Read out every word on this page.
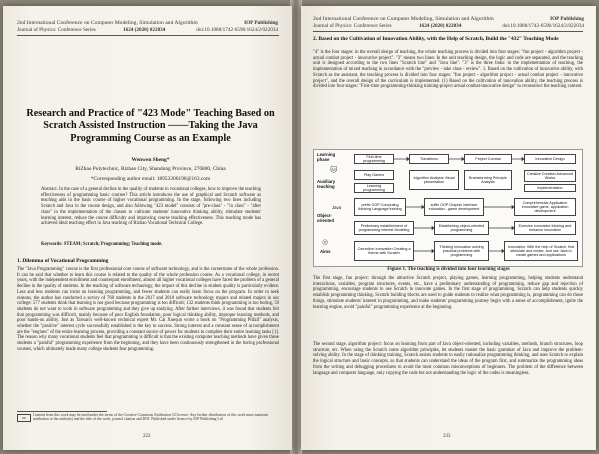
2nd International Conference on Computer Modeling, Simulation and Algorithm
Journal of Physics: Conference Series	1624 (2020) 022034
IOP Publishing
doi:10.1088/1742-6596/1624/2/022034
Research and Practice of "423 Mode" Teaching Based on Scratch Assisted Instruction ——Taking the Java Programming Course as an Example
Wenwen Sheng*
RiZhao Polytechnic, Rizhao City, Shandong Province, 276800, China
*Corresponding author email: 18953306196@163.com
Abstract. In the case of a general decline in the quality of students in vocational colleges, how to improve the teaching effectiveness of programming basic courses? This article introduces the use of graphical and Scratch software as teaching aids in the basic course of higher vocational programming. In the stage, following two lines including Scratch and Java in the course design, and also following "423 model" consists of "pre-class" - "in class" - "after class" in the implementation of the classes to cultivate students' innovative thinking ability, stimulate students' learning interest, reduce the course difficulty and improving course teaching effectiveness. This teaching mode has achieved ideal teaching effect in Java teaching of Rizhao Vocational Technical College.
Keywords: STEAM; Scratch; Programming; Teaching mode.
1. Dilemma of Vocational Programming
The "Java Programming" course is the first professional core course of software technology, and is the cornerstone of the whole profession. It can be said that whether to learn this course is related to the quality of the whole profession course. As a vocational college, in recent years, with the independent enrollment and counterpart enrollment, almost all higher vocational colleges have faced the problem of a general decline in the quality of students. In the teaching of software technology, the impact of this decline in student quality is particularly evident. Less and less students can insist on learning programming, and fewer students can really learn focus on the program. In order to seek reasons, the author has conducted a survey of 768 students in the 2017 and 2018 software technology majors and related majors in our college: 577 students think that learning is not good because programming is too difficult; 132 students think programming is too boring, 59 students do not want to work in software programming and they give up studying. After further interviews, it was found that students felt that programming was difficult, mainly because of poor English foundation, poor logical thinking ability, improper learning methods, and poor hands-on ability. Just as Taiwan's well-known technical expert Mr. Cai Xuequn wrote a book on "Programming Pitfall" analysis, whether the "positive" interest cycle successfully established is the key to success. Strong interest and a constant sense of accomplishment are the "engines" of the entire learning process, providing a constant source of power for students to complete their entire learning tasks [1]. The reason why many vocational students feel that programming is difficult is that the existing computer teaching methods have given those students a "painful" programming experience from the beginning, and they have been continuously strengthened in the boring professional courses, which ultimately made many college students fear programming.
cc
Content from this work may be used under the terms of the Creative Commons Attribution 3.0 licence. Any further distribution of this work must maintain attribution to the author(s) and the title of the work, journal citation and DOI. Published under licence by IOP Publishing Ltd
222
2nd International Conference on Computer Modeling, Simulation and Algorithm
Journal of Physics: Conference Series	1624 (2020) 022034
IOP Publishing
doi:10.1088/1742-6596/1624/2/022034
2. Based on the Cultivation of Innovation Ability, with the Help of Scratch, Build the "432" Teaching Mode
"4" is the four stages: in the overall design of teaching, the whole teaching process is divided into four stages: "fun project - algorithm project - actual combat project - innovative project". "2" means two lines: In the unit teaching design, the logic and code are separated, and the teaching unit is designed according to the two lines "Scratch line" and "Java line". "3" is the three links: in the implementation of teaching, the implementation of mixed teaching in accordance with the "preview - take class - review". 1. Based on the cultivation of innovative ability, with Scratch as the assistant, the teaching process is divided into four stages: "fun project - algorithm project - actual combat project - innovative project", and the overall design of the curriculum is implemented. (1) Based on the cultivation of innovation ability, the teaching process is divided into four stages: "First-time programming-thinking training-project actual combat-innovative design" to reconstruct the teaching content.
Learning phase
Auxiliary teaching
Object-oriented
Java
Aims
🐱
◎
First-time programming
Transitions	Project Combat	Innovative Design
Play Games
Learning programming
Algorithm Analysis Visual presentation
Brainstorming Principle Analysis
Creative Creation Advanced Works
Implementation
prefix OOP Computing thinking Language training
suffix OOP Graphic interface education - game development
Comprehensive Application Innovative game, application development
Preliminary establishment of programming interest Modeling
Establishing object-oriented programming
Exercise innovative thinking and enhance innovation
Correction Innovation Creating a theme with Scratch
Thinking innovation solving practical problems with programming
Innovation: With the help of Scratch, first stimulate and create, and use Java to create games and applications
Figure 1. The teaching is divided into four learning stages
The first stage, fun project: through the attractive Scratch project, playing games, learning programming, helping students understand interactions, variables, program structures, events, etc., have a preliminary understanding of programming, reduce gap and rejection of programming, encourage students to use Scratch to innovate games. In the first stage of programming, Scratch can help students quickly establish programming thinking. Scratch building blocks are used to guide students to realize what programming is, programming can do those things, stimulate students' interest in programming, and make students' programming journey begin with a sense of accomplishment, ignite the learning engine, avoid "painful" programming experience at the beginning.
The second stage, algorithm project: focus on learning from part of Java object-oriented, including variables, methods, branch structures, loop structure, etc. When using the Scratch come algorithm principles, let students master the basic grammar of Java and improve the problem-solving ability. In the stage of thinking training, Scratch assists students to easily rationalize programming thinking, and uses Scratch to explain the logical structure and basic concepts, so that students can understand the ideas of the program first, and summarize the programming ideas from the writing and debugging procedures to avoid the most common misconceptions of beginners. The problem of the difference between language and computer language, only copying the code but not understanding the logic of the codes is meaningless.
233
